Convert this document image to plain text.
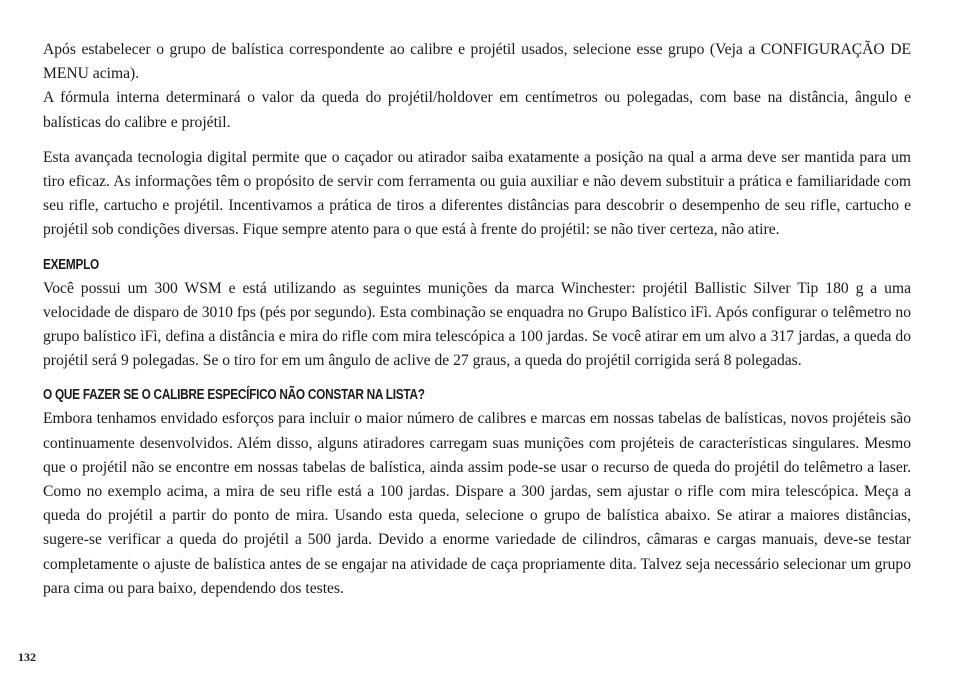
Após estabelecer o grupo de balística correspondente ao calibre e projétil usados, selecione esse grupo (Veja a CONFIGURAÇÃO DE MENU acima).

A fórmula interna determinará o valor da queda do projétil/holdover em centímetros ou polegadas, com base na distância, ângulo e balísticas do calibre e projétil.

Esta avançada tecnologia digital permite que o caçador ou atirador saiba exatamente a posição na qual a arma deve ser mantida para um tiro eficaz. As informações têm o propósito de servir com ferramenta ou guia auxiliar e não devem substituir a prática e familiaridade com seu rifle, cartucho e projétil. Incentivamos a prática de tiros a diferentes distâncias para descobrir o desempenho de seu rifle, cartucho e projétil sob condições diversas. Fique sempre atento para o que está à frente do projétil: se não tiver certeza, não atire.

EXEMPLO

Você possui um 300 WSM e está utilizando as seguintes munições da marca Winchester: projétil Ballistic Silver Tip 180 g a uma velocidade de disparo de 3010 fps (pés por segundo). Esta combinação se enquadra no Grupo Balístico ìFì. Após configurar o telêmetro no grupo balístico ìFì, defina a distância e mira do rifle com mira telescópica a 100 jardas. Se você atirar em um alvo a 317 jardas, a queda do projétil será 9 polegadas. Se o tiro for em um ângulo de aclive de 27 graus, a queda do projétil corrigida será 8 polegadas.

O QUE FAZER SE O CALIBRE ESPECÍFICO NÃO CONSTAR NA LISTA?

Embora tenhamos envidado esforços para incluir o maior número de calibres e marcas em nossas tabelas de balísticas, novos projéteis são continuamente desenvolvidos. Além disso, alguns atiradores carregam suas munições com projéteis de características singulares. Mesmo que o projétil não se encontre em nossas tabelas de balística, ainda assim pode-se usar o recurso de queda do projétil do telêmetro a laser. Como no exemplo acima, a mira de seu rifle está a 100 jardas. Dispare a 300 jardas, sem ajustar o rifle com mira telescópica. Meça a queda do projétil a partir do ponto de mira. Usando esta queda, selecione o grupo de balística abaixo. Se atirar a maiores distâncias, sugere-se verificar a queda do projétil a 500 jarda. Devido a enorme variedade de cilindros, câmaras e cargas manuais, deve-se testar completamente o ajuste de balística antes de se engajar na atividade de caça propriamente dita. Talvez seja necessário selecionar um grupo para cima ou para baixo, dependendo dos testes.

132
